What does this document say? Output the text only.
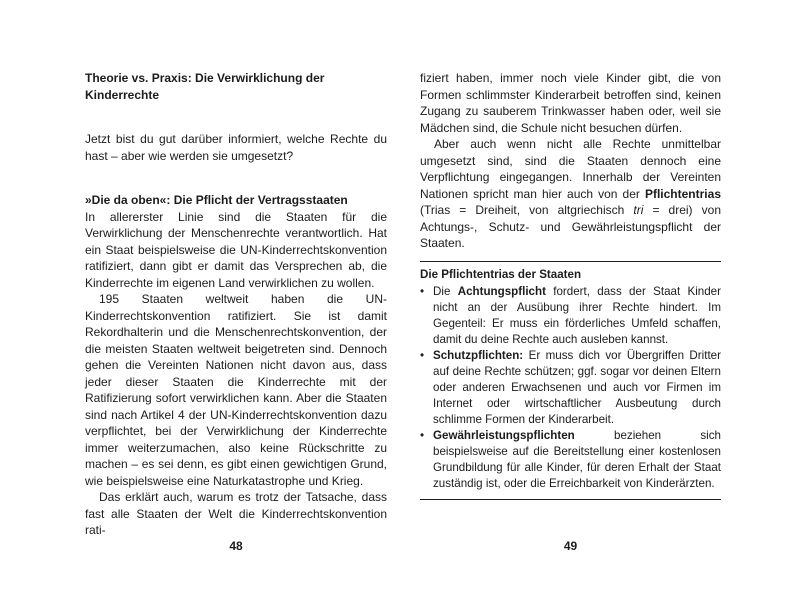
Theorie vs. Praxis: Die Verwirklichung der Kinderrechte

Jetzt bist du gut darüber informiert, welche Rechte du hast – aber wie werden sie umgesetzt?

»Die da oben«: Die Pflicht der Vertragsstaaten

In allererster Linie sind die Staaten für die Verwirklichung der Menschenrechte verantwortlich. Hat ein Staat beispielsweise die UN-Kinderrechtskonvention ratifiziert, dann gibt er damit das Versprechen ab, die Kinderrechte im eigenen Land verwirklichen zu wollen.

195 Staaten weltweit haben die UN-Kinderrechtskonvention ratifiziert. Sie ist damit Rekordhalterin und die Menschenrechtskonvention, der die meisten Staaten weltweit beigetreten sind. Dennoch gehen die Vereinten Nationen nicht davon aus, dass jeder dieser Staaten die Kinderrechte mit der Ratifizierung sofort verwirklichen kann. Aber die Staaten sind nach Artikel 4 der UN-Kinderrechtskonvention dazu verpflichtet, bei der Verwirklichung der Kinderrechte immer weiterzumachen, also keine Rückschritte zu machen – es sei denn, es gibt einen gewichtigen Grund, wie beispielsweise eine Naturkatastrophe und Krieg.

Das erklärt auch, warum es trotz der Tatsache, dass fast alle Staaten der Welt die Kinderrechtskonvention rati-

48

fiziert haben, immer noch viele Kinder gibt, die von Formen schlimmster Kinderarbeit betroffen sind, keinen Zugang zu sauberem Trinkwasser haben oder, weil sie Mädchen sind, die Schule nicht besuchen dürfen.

Aber auch wenn nicht alle Rechte unmittelbar umgesetzt sind, sind die Staaten dennoch eine Verpflichtung eingegangen. Innerhalb der Vereinten Nationen spricht man hier auch von der Pflichtentrias (Trias = Dreiheit, von altgriechisch tri = drei) von Achtungs-, Schutz- und Gewährleistungspflicht der Staaten.

Die Pflichtentrias der Staaten
• Die Achtungspflicht fordert, dass der Staat Kinder nicht an der Ausübung ihrer Rechte hindert. Im Gegenteil: Er muss ein förderliches Umfeld schaffen, damit du deine Rechte auch ausleben kannst.
• Schutzpflichten: Er muss dich vor Übergriffen Dritter auf deine Rechte schützen; ggf. sogar vor deinen Eltern oder anderen Erwachsenen und auch vor Firmen im Internet oder wirtschaftlicher Ausbeutung durch schlimme Formen der Kinderarbeit.
• Gewährleistungspflichten beziehen sich beispielsweise auf die Bereitstellung einer kostenlosen Grundbildung für alle Kinder, für deren Erhalt der Staat zuständig ist, oder die Erreichbarkeit von Kinderärzten.
49
